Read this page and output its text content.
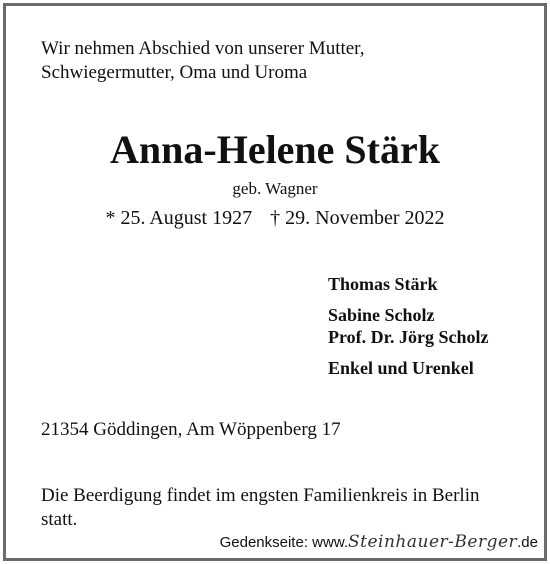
Wir nehmen Abschied von unserer Mutter,
Schwiegermutter, Oma und Uroma
Anna-Helene Stärk
geb. Wagner
* 25. August 1927 † 29. November 2022
Thomas Stärk
Sabine Scholz
Prof. Dr. Jörg Scholz
Enkel und Urenkel
21354 Göddingen, Am Wöppenberg 17
Die Beerdigung findet im engsten Familienkreis in Berlin statt.
Gedenkseite: www.Steinhauer-Berger.de
